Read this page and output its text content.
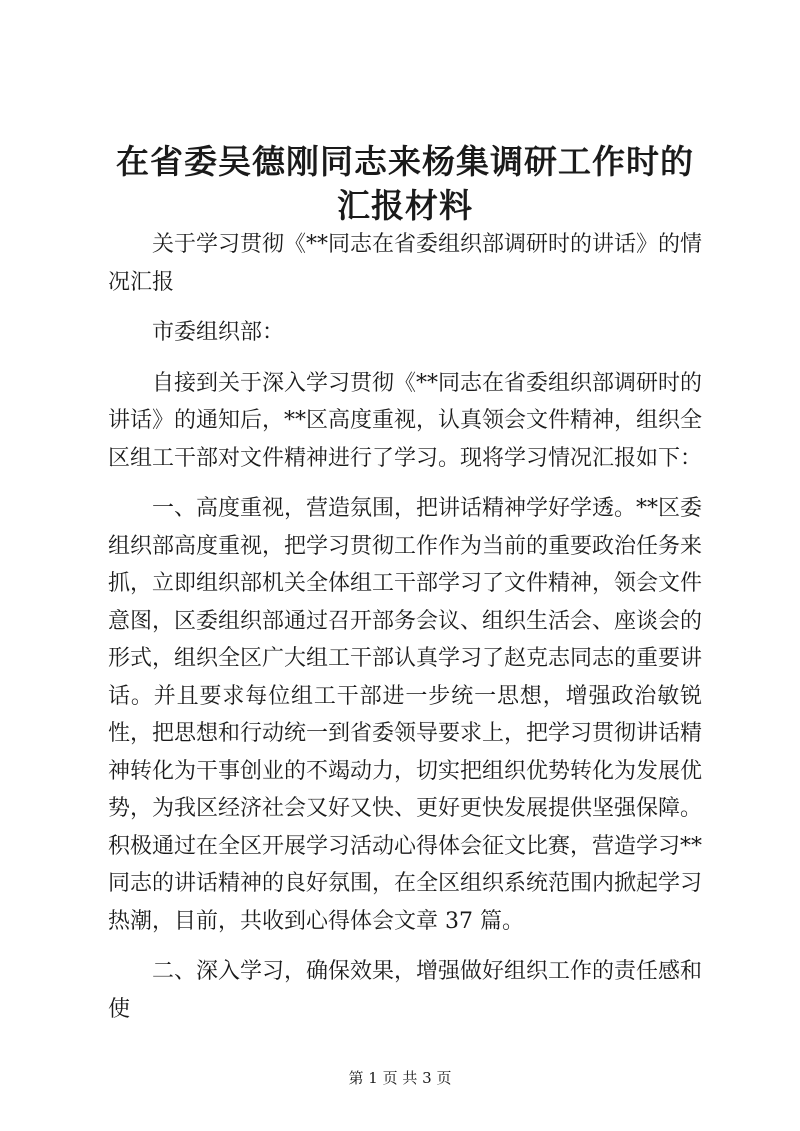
在省委吴德刚同志来杨集调研工作时的汇报材料

关于学习贯彻《**同志在省委组织部调研时的讲话》的情况汇报

市委组织部：

自接到关于深入学习贯彻《**同志在省委组织部调研时的讲话》的通知后，**区高度重视，认真领会文件精神，组织全区组工干部对文件精神进行了学习。现将学习情况汇报如下：

一、高度重视，营造氛围，把讲话精神学好学透。**区委组织部高度重视，把学习贯彻工作作为当前的重要政治任务来抓，立即组织部机关全体组工干部学习了文件精神，领会文件意图，区委组织部通过召开部务会议、组织生活会、座谈会的形式，组织全区广大组工干部认真学习了赵克志同志的重要讲话。并且要求每位组工干部进一步统一思想，增强政治敏锐性，把思想和行动统一到省委领导要求上，把学习贯彻讲话精神转化为干事创业的不竭动力，切实把组织优势转化为发展优势，为我区经济社会又好又快、更好更快发展提供坚强保障。积极通过在全区开展学习活动心得体会征文比赛，营造学习**同志的讲话精神的良好氛围，在全区组织系统范围内掀起学习热潮，目前，共收到心得体会文章 37 篇。

二、深入学习，确保效果，增强做好组织工作的责任感和使

第 1 页 共 3 页
